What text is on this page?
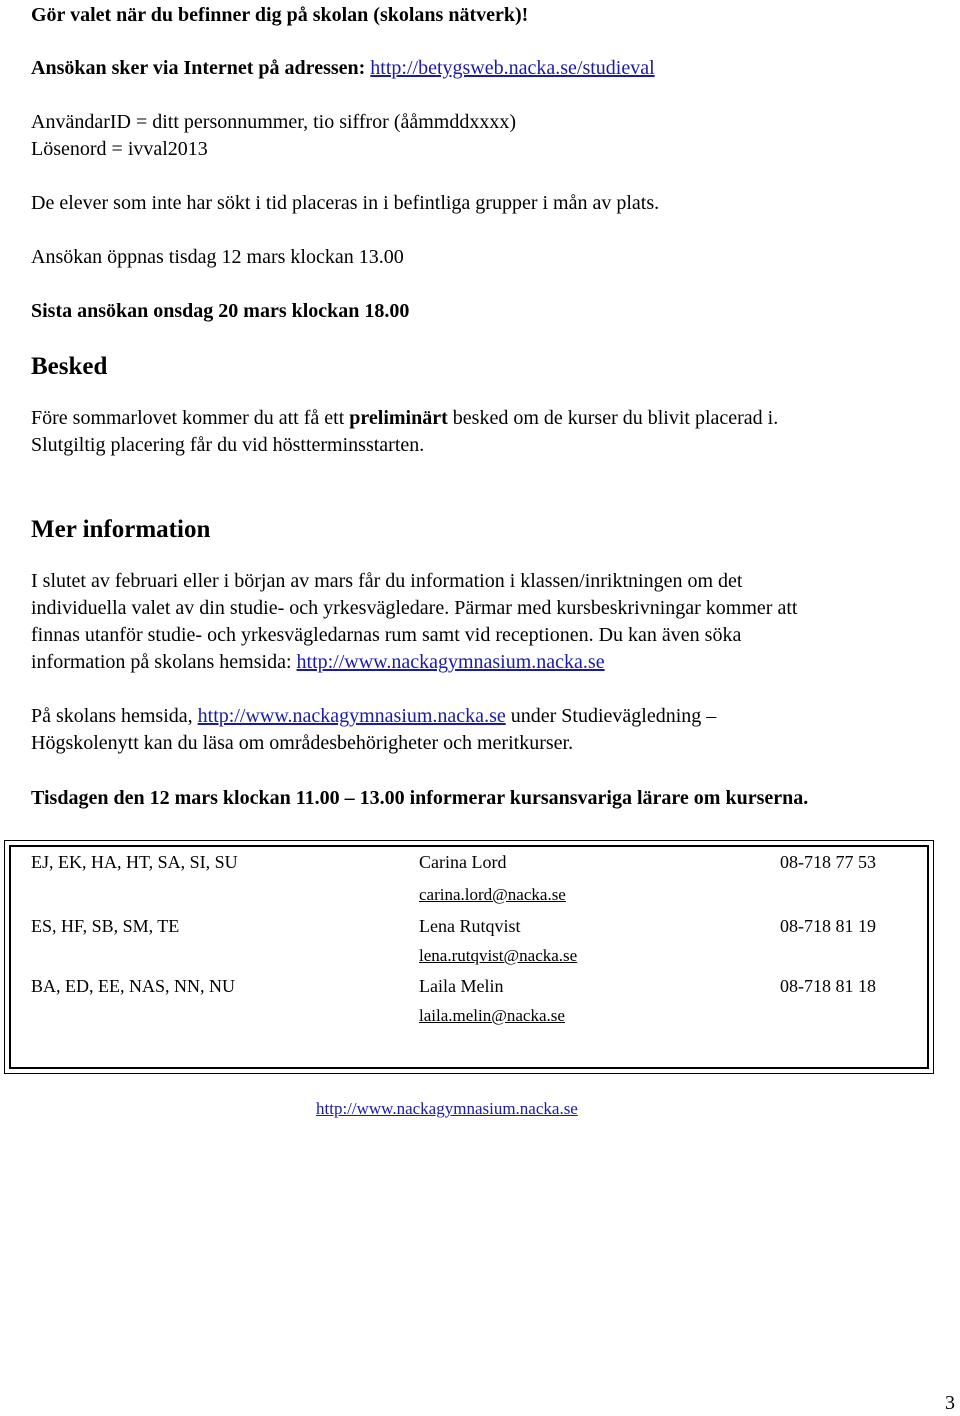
Gör valet när du befinner dig på skolan (skolans nätverk)!
Ansökan sker via Internet på adressen: http://betygsweb.nacka.se/studieval
AnvändarID = ditt personnummer, tio siffror (ååmmddxxxx)
Lösenord = ivval2013
De elever som inte har sökt i tid placeras in i befintliga grupper i mån av plats.
Ansökan öppnas tisdag 12 mars klockan 13.00
Sista ansökan onsdag 20 mars klockan 18.00
Besked
Före sommarlovet kommer du att få ett preliminärt besked om de kurser du blivit placerad i.
Slutgiltig placering får du vid höstterminsstarten.
Mer information
I slutet av februari eller i början av mars får du information i klassen/inriktningen om det
individuella valet av din studie- och yrkesvägledare. Pärmar med kursbeskrivningar kommer att
finnas utanför studie- och yrkesvägledarnas rum samt vid receptionen. Du kan även söka
information på skolans hemsida: http://www.nackagymnasium.nacka.se
På skolans hemsida, http://www.nackagymnasium.nacka.se under Studievägledning –
Högskolenytt kan du läsa om områdesbehörigheter och meritkurser.
Tisdagen den 12 mars klockan 11.00 – 13.00 informerar kursansvariga lärare om kurserna.
EJ, EK, HA, HT, SA, SI, SU	Carina Lord	08-718 77 53
carina.lord@nacka.se
ES, HF, SB, SM, TE	Lena Rutqvist	08-718 81 19
lena.rutqvist@nacka.se
BA, ED, EE, NAS, NN, NU	Laila Melin	08-718 81 18
laila.melin@nacka.se
http://www.nackagymnasium.nacka.se
3
